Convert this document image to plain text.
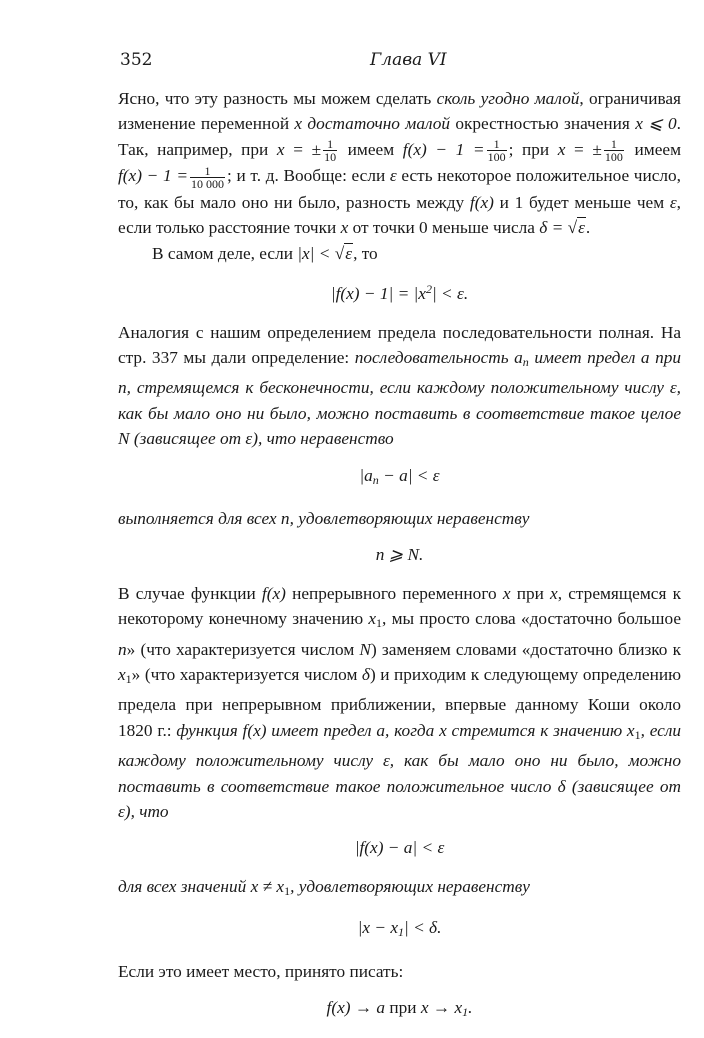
352	Глава VI

Ясно, что эту разность мы можем сделать сколь угодно малой, ограничивая изменение переменной x достаточно малой окрестностью значения x ⩽ 0. Так, например, при x = ± $\frac{1}{10}$ имеем $f(x) - 1 = \frac{1}{100}$ ; при x = ± $\frac{1}{100}$ имеем $f(x) - 1 = \frac{1}{10 000}$ ; и т. д. Вообще: если ε есть некоторое положительное число, то, как бы мало оно ни было, разность между f(x) и 1 будет меньше чем ε, если только расстояние точки x от точки 0 меньше числа δ = √ε.

В самом деле, если |x| < √ε, то

$|f(x) - 1| = |x^2| < \varepsilon$.

Аналогия с нашим определением предела последовательности полная. На стр. 337 мы дали определение: последовательность $a_n$ имеет предел a при n, стремящемся к бесконечности, если каждому положительному числу ε, как бы мало оно ни было, можно поставить в соответствие такое целое N (зависящее от ε), что неравенство

$|a_n - a| < \varepsilon$

выполняется для всех n, удовлетворяющих неравенству

n ⩾ N.

В случае функции f(x) непрерывного переменного x при x, стремящемся к некоторому конечному значению $x_1$, мы просто слова «достаточно большое n» (что характеризуется числом N) заменяем словами «достаточно близко к $x_1$» (что характеризуется числом δ) и приходим к следующему определению предела при непрерывном приближении, впервые данному Коши около 1820 г.: функция f(x) имеет предел a, когда x стремится к значению $x_1$, если каждому положительному числу ε, как бы мало оно ни было, можно поставить в соответствие такое положительное число δ (зависящее от ε), что

|f(x) − a| < ε

для всех значений $x \ne x_1$, удовлетворяющих неравенству

$|x - x_1| < \delta$.

Если это имеет место, принято писать:

f(x) → a при $x \to x_1$.
